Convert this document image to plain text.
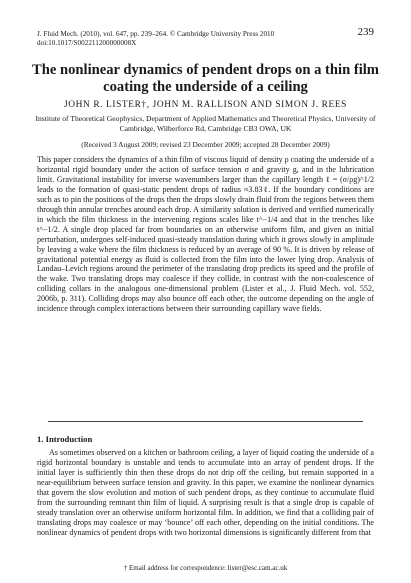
J. Fluid Mech. (2010), vol. 647, pp. 239–264. © Cambridge University Press 2010
doi:10.1017/S002211200000008X
239
The nonlinear dynamics of pendent drops on a thin film coating the underside of a ceiling
JOHN R. LISTER†, JOHN M. RALLISON AND SIMON J. REES
Institute of Theoretical Geophysics, Department of Applied Mathematics and Theoretical Physics, University of Cambridge, Wilberforce Rd, Cambridge CB3 OWA, UK
(Received 3 August 2009; revised 23 December 2009; accepted 28 December 2009)
This paper considers the dynamics of a thin film of viscous liquid of density ρ coating the underside of a horizontal rigid boundary under the action of surface tension σ and gravity g, and in the lubrication limit. Gravitational instability for inverse wavenumbers larger than the capillary length ℓ = (σ/ρg)^1/2 leads to the formation of quasi-static pendent drops of radius ≈3.83ℓ. If the boundary conditions are such as to pin the positions of the drops then the drops slowly drain fluid from the regions between them through thin annular trenches around each drop. A similarity solution is derived and verified numerically in which the film thickness in the intervening regions scales like t^−1/4 and that in the trenches like t^−1/2. A single drop placed far from boundaries on an otherwise uniform film, and given an initial perturbation, undergoes self-induced quasi-steady translation during which it grows slowly in amplitude by leaving a wake where the film thickness is reduced by an average of 90 %. It is driven by release of gravitational potential energy as fluid is collected from the film into the lower lying drop. Analysis of Landau–Levich regions around the perimeter of the translating drop predicts its speed and the profile of the wake. Two translating drops may coalesce if they collide, in contrast with the non-coalescence of colliding collars in the analogous one-dimensional problem (Lister et al., J. Fluid Mech. vol. 552, 2006b, p. 311). Colliding drops may also bounce off each other, the outcome depending on the angle of incidence through complex interactions between their surrounding capillary wave fields.
1. Introduction
As sometimes observed on a kitchen or bathroom ceiling, a layer of liquid coating the underside of a rigid horizontal boundary is unstable and tends to accumulate into an array of pendent drops. If the initial layer is sufficiently thin then these drops do not drip off the ceiling, but remain supported in a near-equilibrium between surface tension and gravity. In this paper, we examine the nonlinear dynamics that govern the slow evolution and motion of such pendent drops, as they continue to accumulate fluid from the surrounding remnant thin film of liquid. A surprising result is that a single drop is capable of steady translation over an otherwise uniform horizontal film. In addition, we find that a colliding pair of translating drops may coalesce or may ‘bounce’ off each other, depending on the initial conditions. The nonlinear dynamics of pendent drops with two horizontal dimensions is significantly different from that
† Email address for correspondence: lister@esc.cam.ac.uk
